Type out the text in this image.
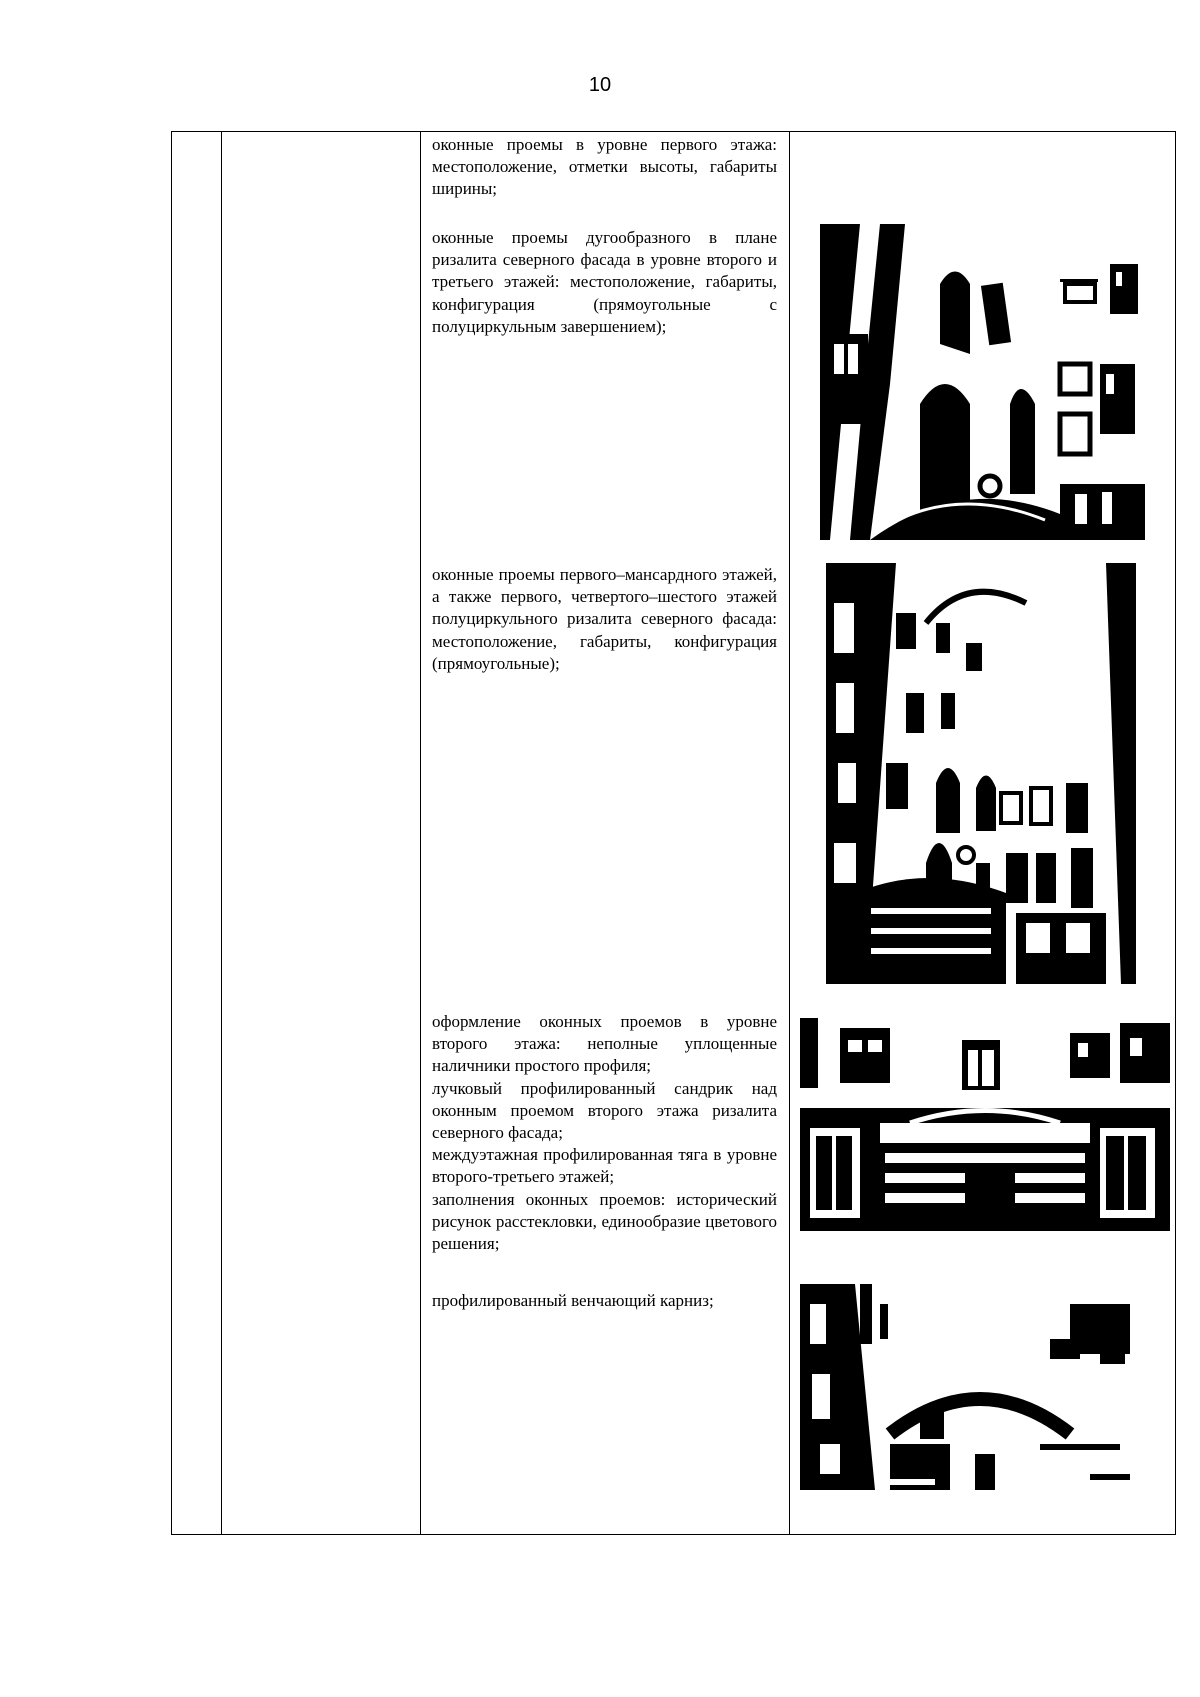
10

оконные проемы в уровне первого этажа: местоположение, отметки высоты, габариты ширины;

оконные проемы дугообразного в плане ризалита северного фасада в уровне второго и третьего этажей: местоположение, габариты, конфигурация (прямоугольные с полуциркульным завершением);

оконные проемы первого–мансардного этажей, а также первого, четвертого–шестого этажей полуциркульного ризалита северного фасада: местоположение, габариты, конфигурация (прямоугольные);

оформление оконных проемов в уровне второго этажа: неполные уплощенные наличники простого профиля;

лучковый профилированный сандрик над оконным проемом второго этажа ризалита северного фасада;

междуэтажная профилированная тяга в уровне второго-третьего этажей;

заполнения оконных проемов: исторический рисунок расстекловки, единообразие цветового решения;

профилированный венчающий карниз;
